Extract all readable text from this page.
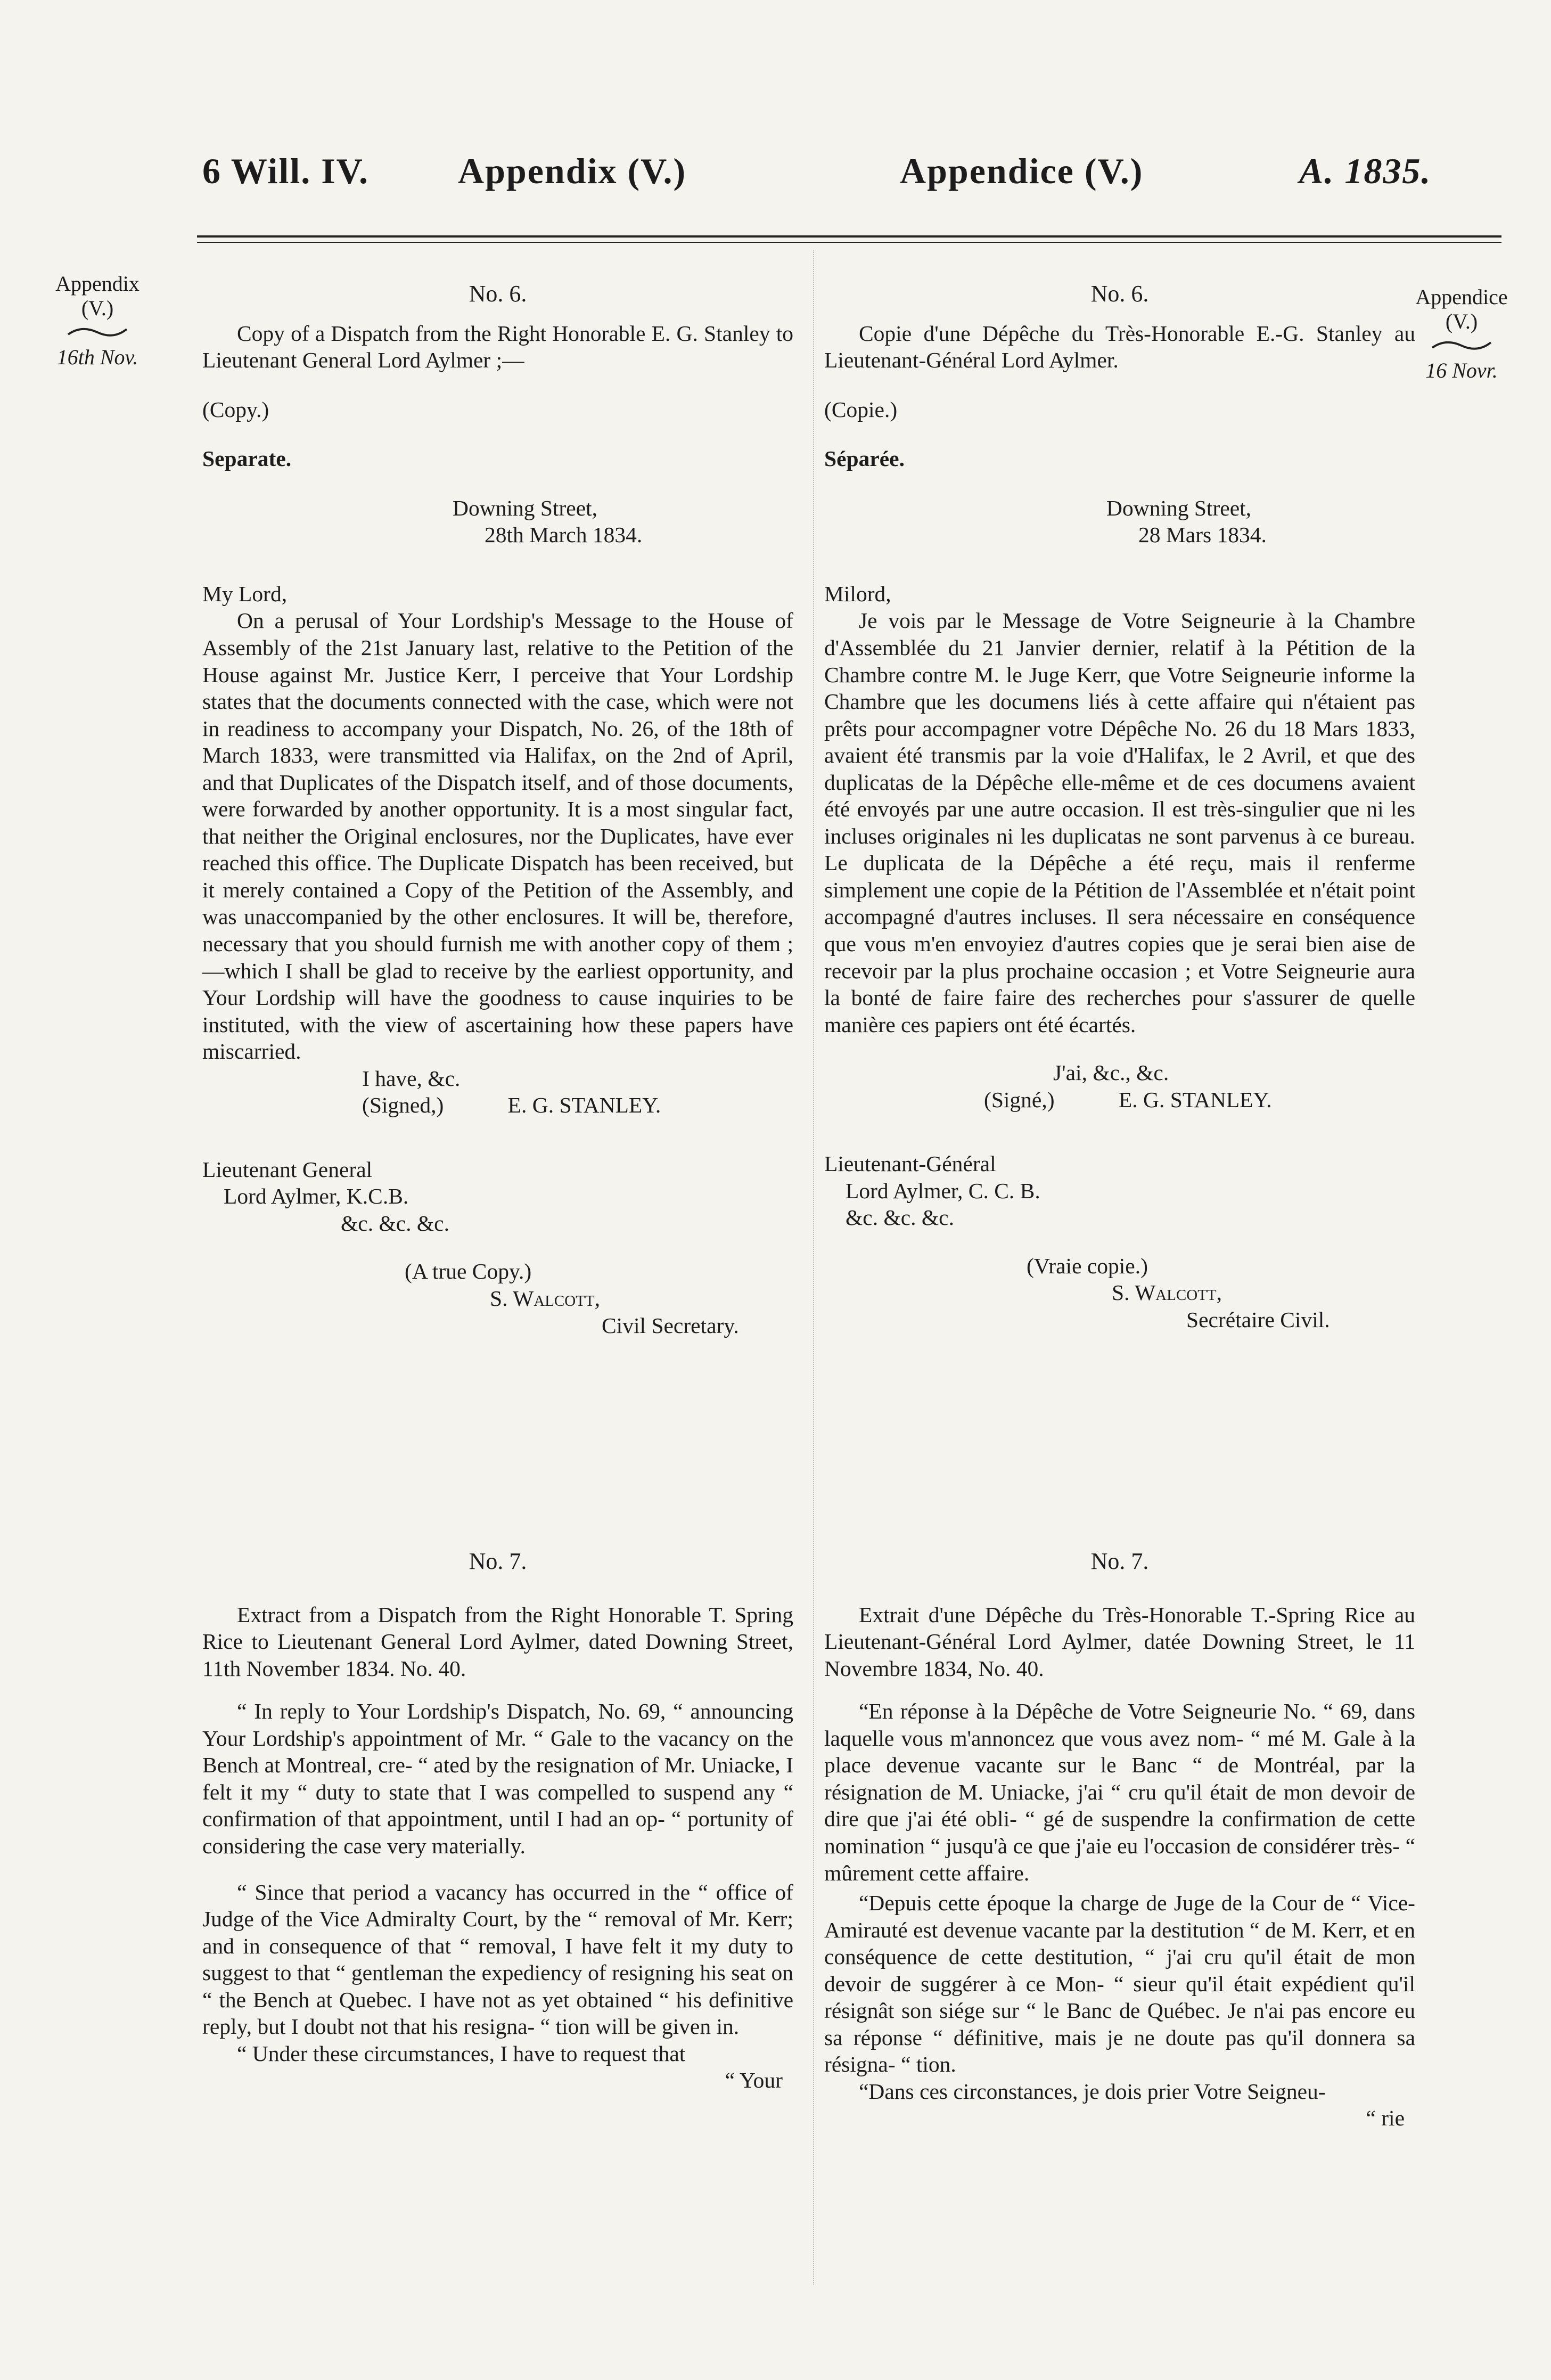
6 Will. IV. Appendix (V.)	Appendice (V.)	A. 1835.
Appendix
(V.)
16th Nov.
Appendice
(V.)
16 Novr.
No. 6.

Copy of a Dispatch from the Right Honorable E. G. Stanley to Lieutenant General Lord Aylmer ;—

(Copy.)
Separate.
Downing Street,
28th March 1834.
My Lord,

On a perusal of Your Lordship's Message to the House of Assembly of the 21st January last, relative to the Petition of the House against Mr. Justice Kerr, I perceive that Your Lordship states that the documents connected with the case, which were not in readiness to accompany your Dispatch, No. 26, of the 18th of March 1833, were transmitted via Halifax, on the 2nd of April, and that Duplicates of the Dispatch itself, and of those documents, were forwarded by another opportunity. It is a most singular fact, that neither the Original enclosures, nor the Duplicates, have ever reached this office. The Duplicate Dispatch has been received, but it merely contained a Copy of the Petition of the Assembly, and was unaccompanied by the other enclosures. It will be, therefore, necessary that you should furnish me with another copy of them ;—which I shall be glad to receive by the earliest opportunity, and Your Lordship will have the goodness to cause inquiries to be instituted, with the view of ascertaining how these papers have miscarried.

I have, &c.
(Signed,)	E. G. STANLEY.
Lieutenant General
Lord Aylmer, K.C.B.
&c. &c. &c.
(A true Copy.)
S. Walcott,
Civil Secretary.
No. 7.

Extract from a Dispatch from the Right Honorable T. Spring Rice to Lieutenant General Lord Aylmer, dated Downing Street, 11th November 1834. No. 40.

“ In reply to Your Lordship's Dispatch, No. 69, “ announcing Your Lordship's appointment of Mr. “ Gale to the vacancy on the Bench at Montreal, cre- “ ated by the resignation of Mr. Uniacke, I felt it my “ duty to state that I was compelled to suspend any “ confirmation of that appointment, until I had an op- “ portunity of considering the case very materially.

“ Since that period a vacancy has occurred in the “ office of Judge of the Vice Admiralty Court, by the “ removal of Mr. Kerr; and in consequence of that “ removal, I have felt it my duty to suggest to that “ gentleman the expediency of resigning his seat on “ the Bench at Quebec. I have not as yet obtained “ his definitive reply, but I doubt not that his resigna- “ tion will be given in.

“ Under these circumstances, I have to request that

“ Your
No. 6.

Copie d'une Dépêche du Très-Honorable E.-G. Stanley au Lieutenant-Général Lord Aylmer.

(Copie.)
Séparée.
Downing Street,
28 Mars 1834.
Milord,

Je vois par le Message de Votre Seigneurie à la Chambre d'Assemblée du 21 Janvier dernier, relatif à la Pétition de la Chambre contre M. le Juge Kerr, que Votre Seigneurie informe la Chambre que les documens liés à cette affaire qui n'étaient pas prêts pour accompagner votre Dépêche No. 26 du 18 Mars 1833, avaient été transmis par la voie d'Halifax, le 2 Avril, et que des duplicatas de la Dépêche elle-même et de ces documens avaient été envoyés par une autre occasion. Il est très-singulier que ni les incluses originales ni les duplicatas ne sont parvenus à ce bureau. Le duplicata de la Dépêche a été reçu, mais il renferme simplement une copie de la Pétition de l'Assemblée et n'était point accompagné d'autres incluses. Il sera nécessaire en conséquence que vous m'en envoyiez d'autres copies que je serai bien aise de recevoir par la plus prochaine occasion ; et Votre Seigneurie aura la bonté de faire faire des recherches pour s'assurer de quelle manière ces papiers ont été écartés.

J'ai, &c., &c.
(Signé,)	E. G. STANLEY.
Lieutenant-Général
Lord Aylmer, C. C. B.
&c. &c. &c.
(Vraie copie.)
S. Walcott,
Secrétaire Civil.
No. 7.

Extrait d'une Dépêche du Très-Honorable T.-Spring Rice au Lieutenant-Général Lord Aylmer, datée Downing Street, le 11 Novembre 1834, No. 40.

“En réponse à la Dépêche de Votre Seigneurie No. “ 69, dans laquelle vous m'annoncez que vous avez nom- “ mé M. Gale à la place devenue vacante sur le Banc “ de Montréal, par la résignation de M. Uniacke, j'ai “ cru qu'il était de mon devoir de dire que j'ai été obli- “ gé de suspendre la confirmation de cette nomination “ jusqu'à ce que j'aie eu l'occasion de considérer très- “ mûrement cette affaire.

“Depuis cette époque la charge de Juge de la Cour de “ Vice-Amirauté est devenue vacante par la destitution “ de M. Kerr, et en conséquence de cette destitution, “ j'ai cru qu'il était de mon devoir de suggérer à ce Mon- “ sieur qu'il était expédient qu'il résignât son siége sur “ le Banc de Québec. Je n'ai pas encore eu sa réponse “ définitive, mais je ne doute pas qu'il donnera sa résigna- “ tion.

“Dans ces circonstances, je dois prier Votre Seigneu-

“ rie
